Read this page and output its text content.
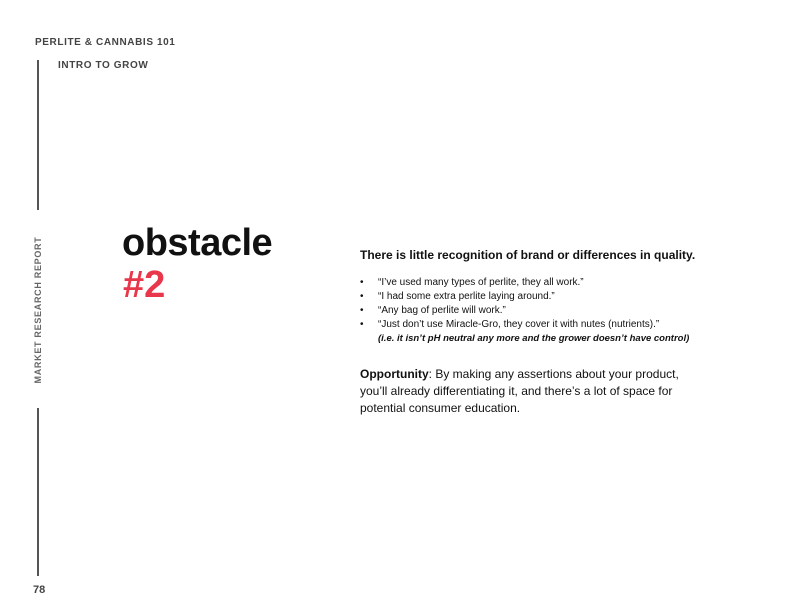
PERLITE & CANNABIS 101
INTRO TO GROW
MARKET RESEARCH REPORT
78
obstacle
#2

There is little recognition of brand or differences in quality.

• “I’ve used many types of perlite, they all work.”
• “I had some extra perlite laying around.”
• “Any bag of perlite will work.”
• “Just don’t use Miracle-Gro, they cover it with nutes (nutrients).”
(i.e. it isn’t pH neutral any more and the grower doesn’t have control)

Opportunity: By making any assertions about your product, you’ll already differentiating it, and there’s a lot of space for potential consumer education.
